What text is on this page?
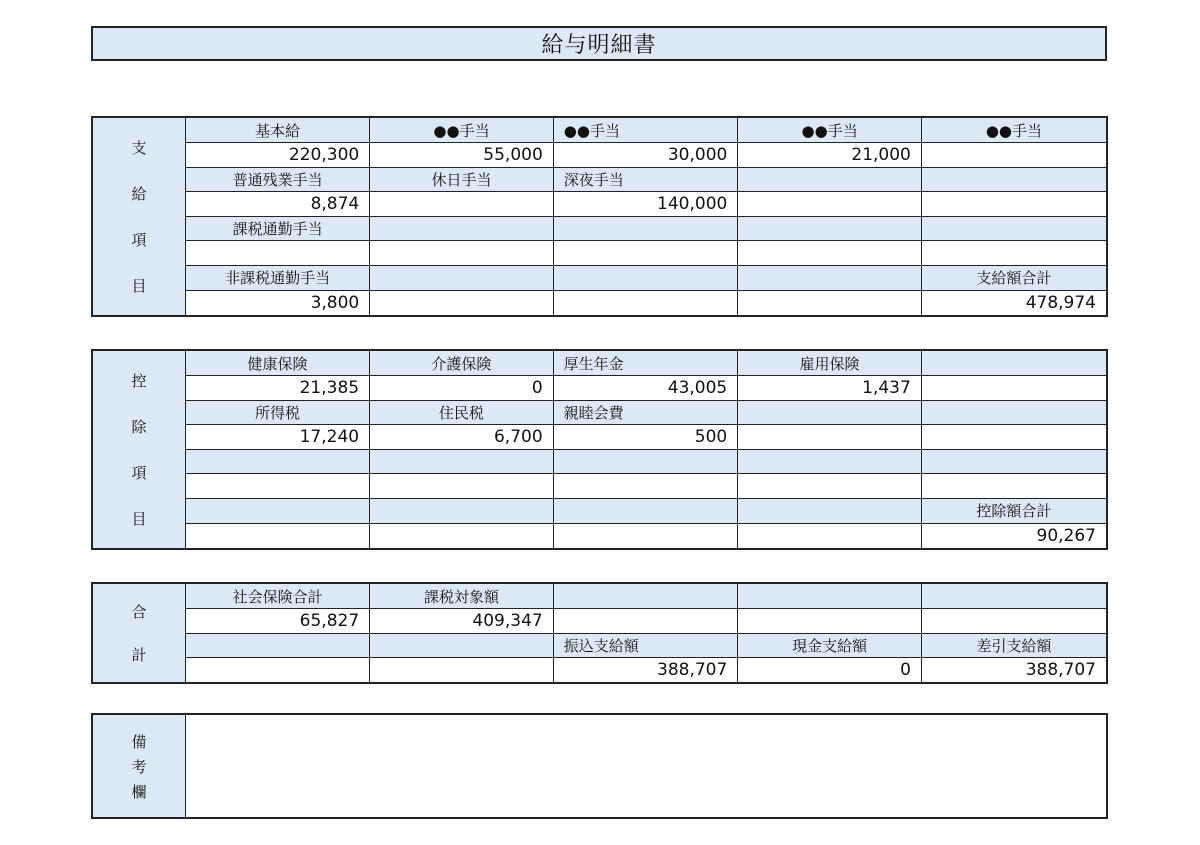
給与明細書
支
給
項
目
基本給	●●手当	●●手当	●●手当	●●手当
220,300	55,000	30,000	21,000	
普通残業手当	休日手当	深夜手当		
8,874		140,000		
課税通勤手当				

非課税通勤手当				支給額合計
3,800				478,974
控
除
項
目
健康保険	介護保険	厚生年金	雇用保険	
21,385	0	43,005	1,437	
所得税	住民税	親睦会費		
17,240	6,700	500		

				控除額合計
				90,267
合
計
社会保険合計	課税対象額			
65,827	409,347			
		振込支給額	現金支給額	差引支給額
		388,707	0	388,707
備
考
欄
